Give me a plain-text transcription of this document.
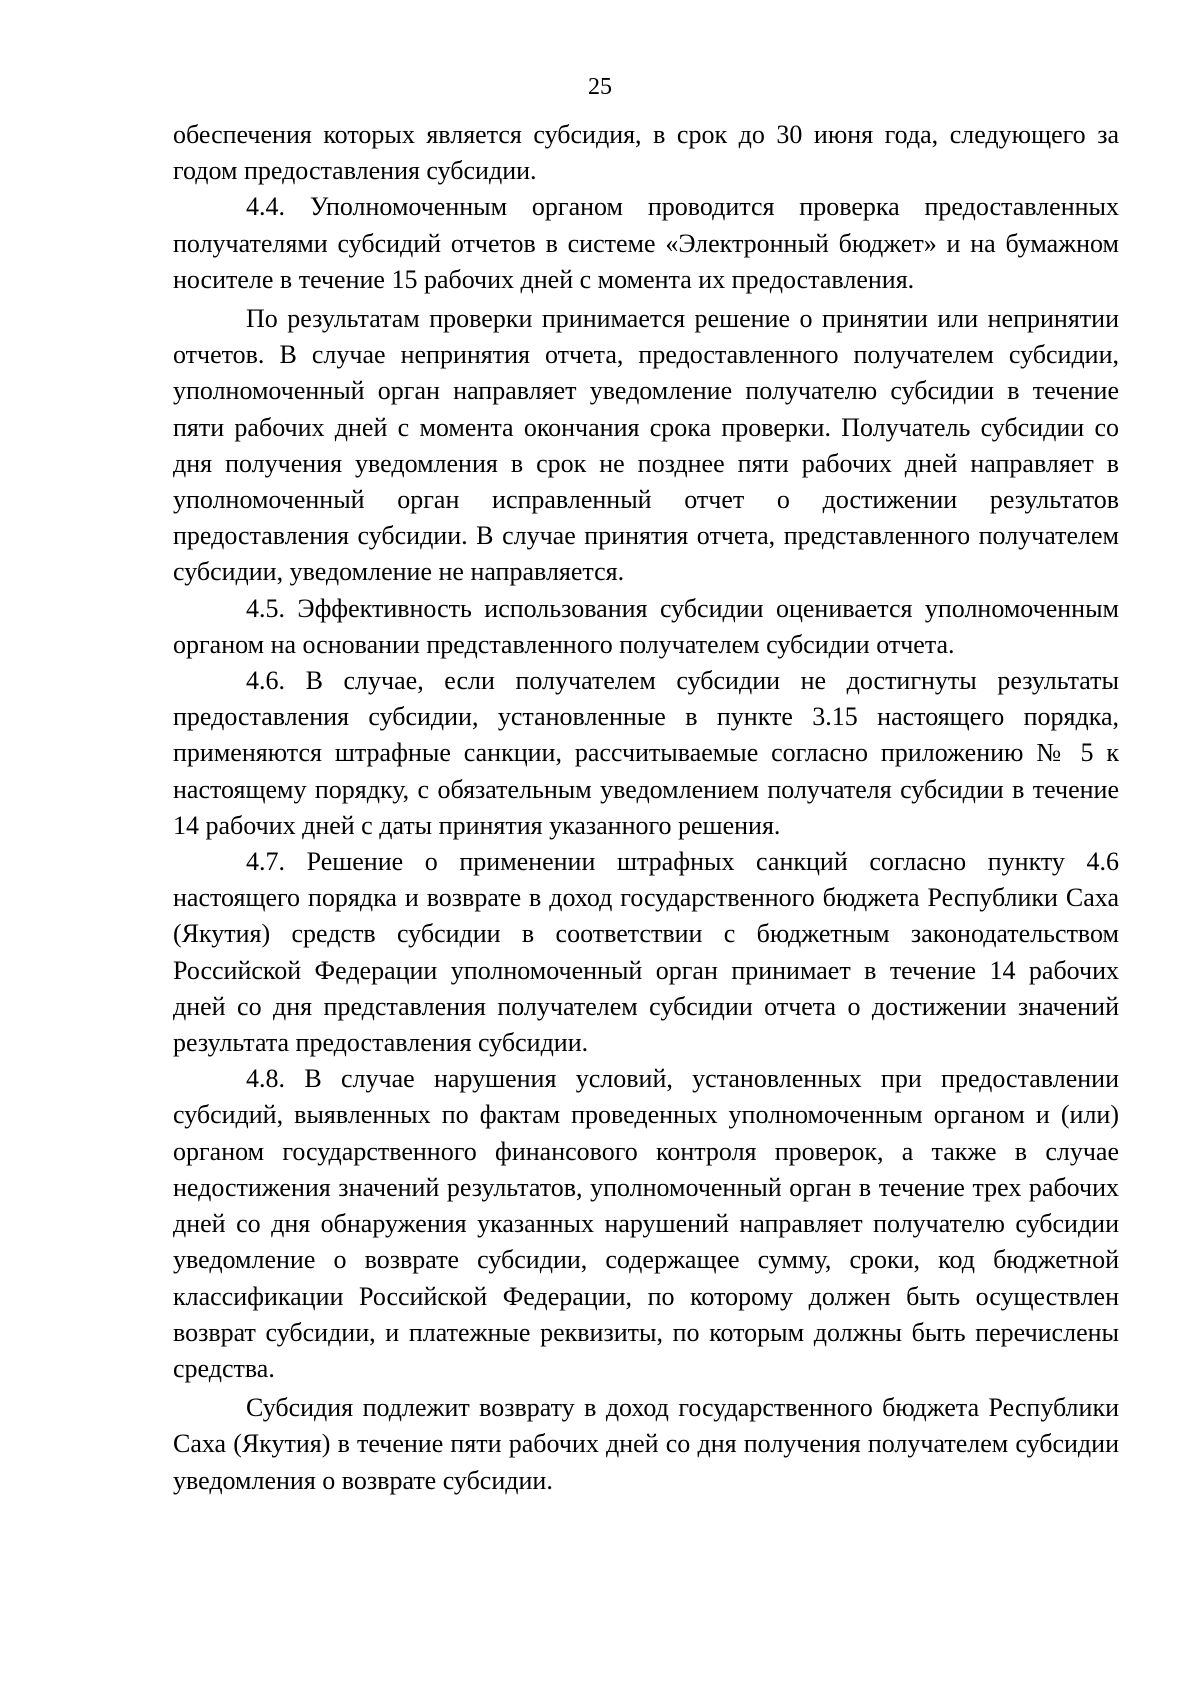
25

обеспечения которых является субсидия, в срок до 30 июня года, следующего за годом предоставления субсидии.

4.4. Уполномоченным органом проводится проверка предоставленных получателями субсидий отчетов в системе «Электронный бюджет» и на бумажном носителе в течение 15 рабочих дней с момента их предоставления.

По результатам проверки принимается решение о принятии или непринятии отчетов. В случае непринятия отчета, предоставленного получателем субсидии, уполномоченный орган направляет уведомление получателю субсидии в течение пяти рабочих дней с момента окончания срока проверки. Получатель субсидии со дня получения уведомления в срок не позднее пяти рабочих дней направляет в уполномоченный орган исправленный отчет о достижении результатов предоставления субсидии. В случае принятия отчета, представленного получателем субсидии, уведомление не направляется.

4.5. Эффективность использования субсидии оценивается уполномоченным органом на основании представленного получателем субсидии отчета.

4.6. В случае, если получателем субсидии не достигнуты результаты предоставления субсидии, установленные в пункте 3.15 настоящего порядка, применяются штрафные санкции, рассчитываемые согласно приложению № 5 к настоящему порядку, с обязательным уведомлением получателя субсидии в течение 14 рабочих дней с даты принятия указанного решения.

4.7. Решение о применении штрафных санкций согласно пункту 4.6 настоящего порядка и возврате в доход государственного бюджета Республики Саха (Якутия) средств субсидии в соответствии с бюджетным законодательством Российской Федерации уполномоченный орган принимает в течение 14 рабочих дней со дня представления получателем субсидии отчета о достижении значений результата предоставления субсидии.

4.8. В случае нарушения условий, установленных при предоставлении субсидий, выявленных по фактам проведенных уполномоченным органом и (или) органом государственного финансового контроля проверок, а также в случае недостижения значений результатов, уполномоченный орган в течение трех рабочих дней со дня обнаружения указанных нарушений направляет получателю субсидии уведомление о возврате субсидии, содержащее сумму, сроки, код бюджетной классификации Российской Федерации, по которому должен быть осуществлен возврат субсидии, и платежные реквизиты, по которым должны быть перечислены средства.

Субсидия подлежит возврату в доход государственного бюджета Республики Саха (Якутия) в течение пяти рабочих дней со дня получения получателем субсидии уведомления о возврате субсидии.
